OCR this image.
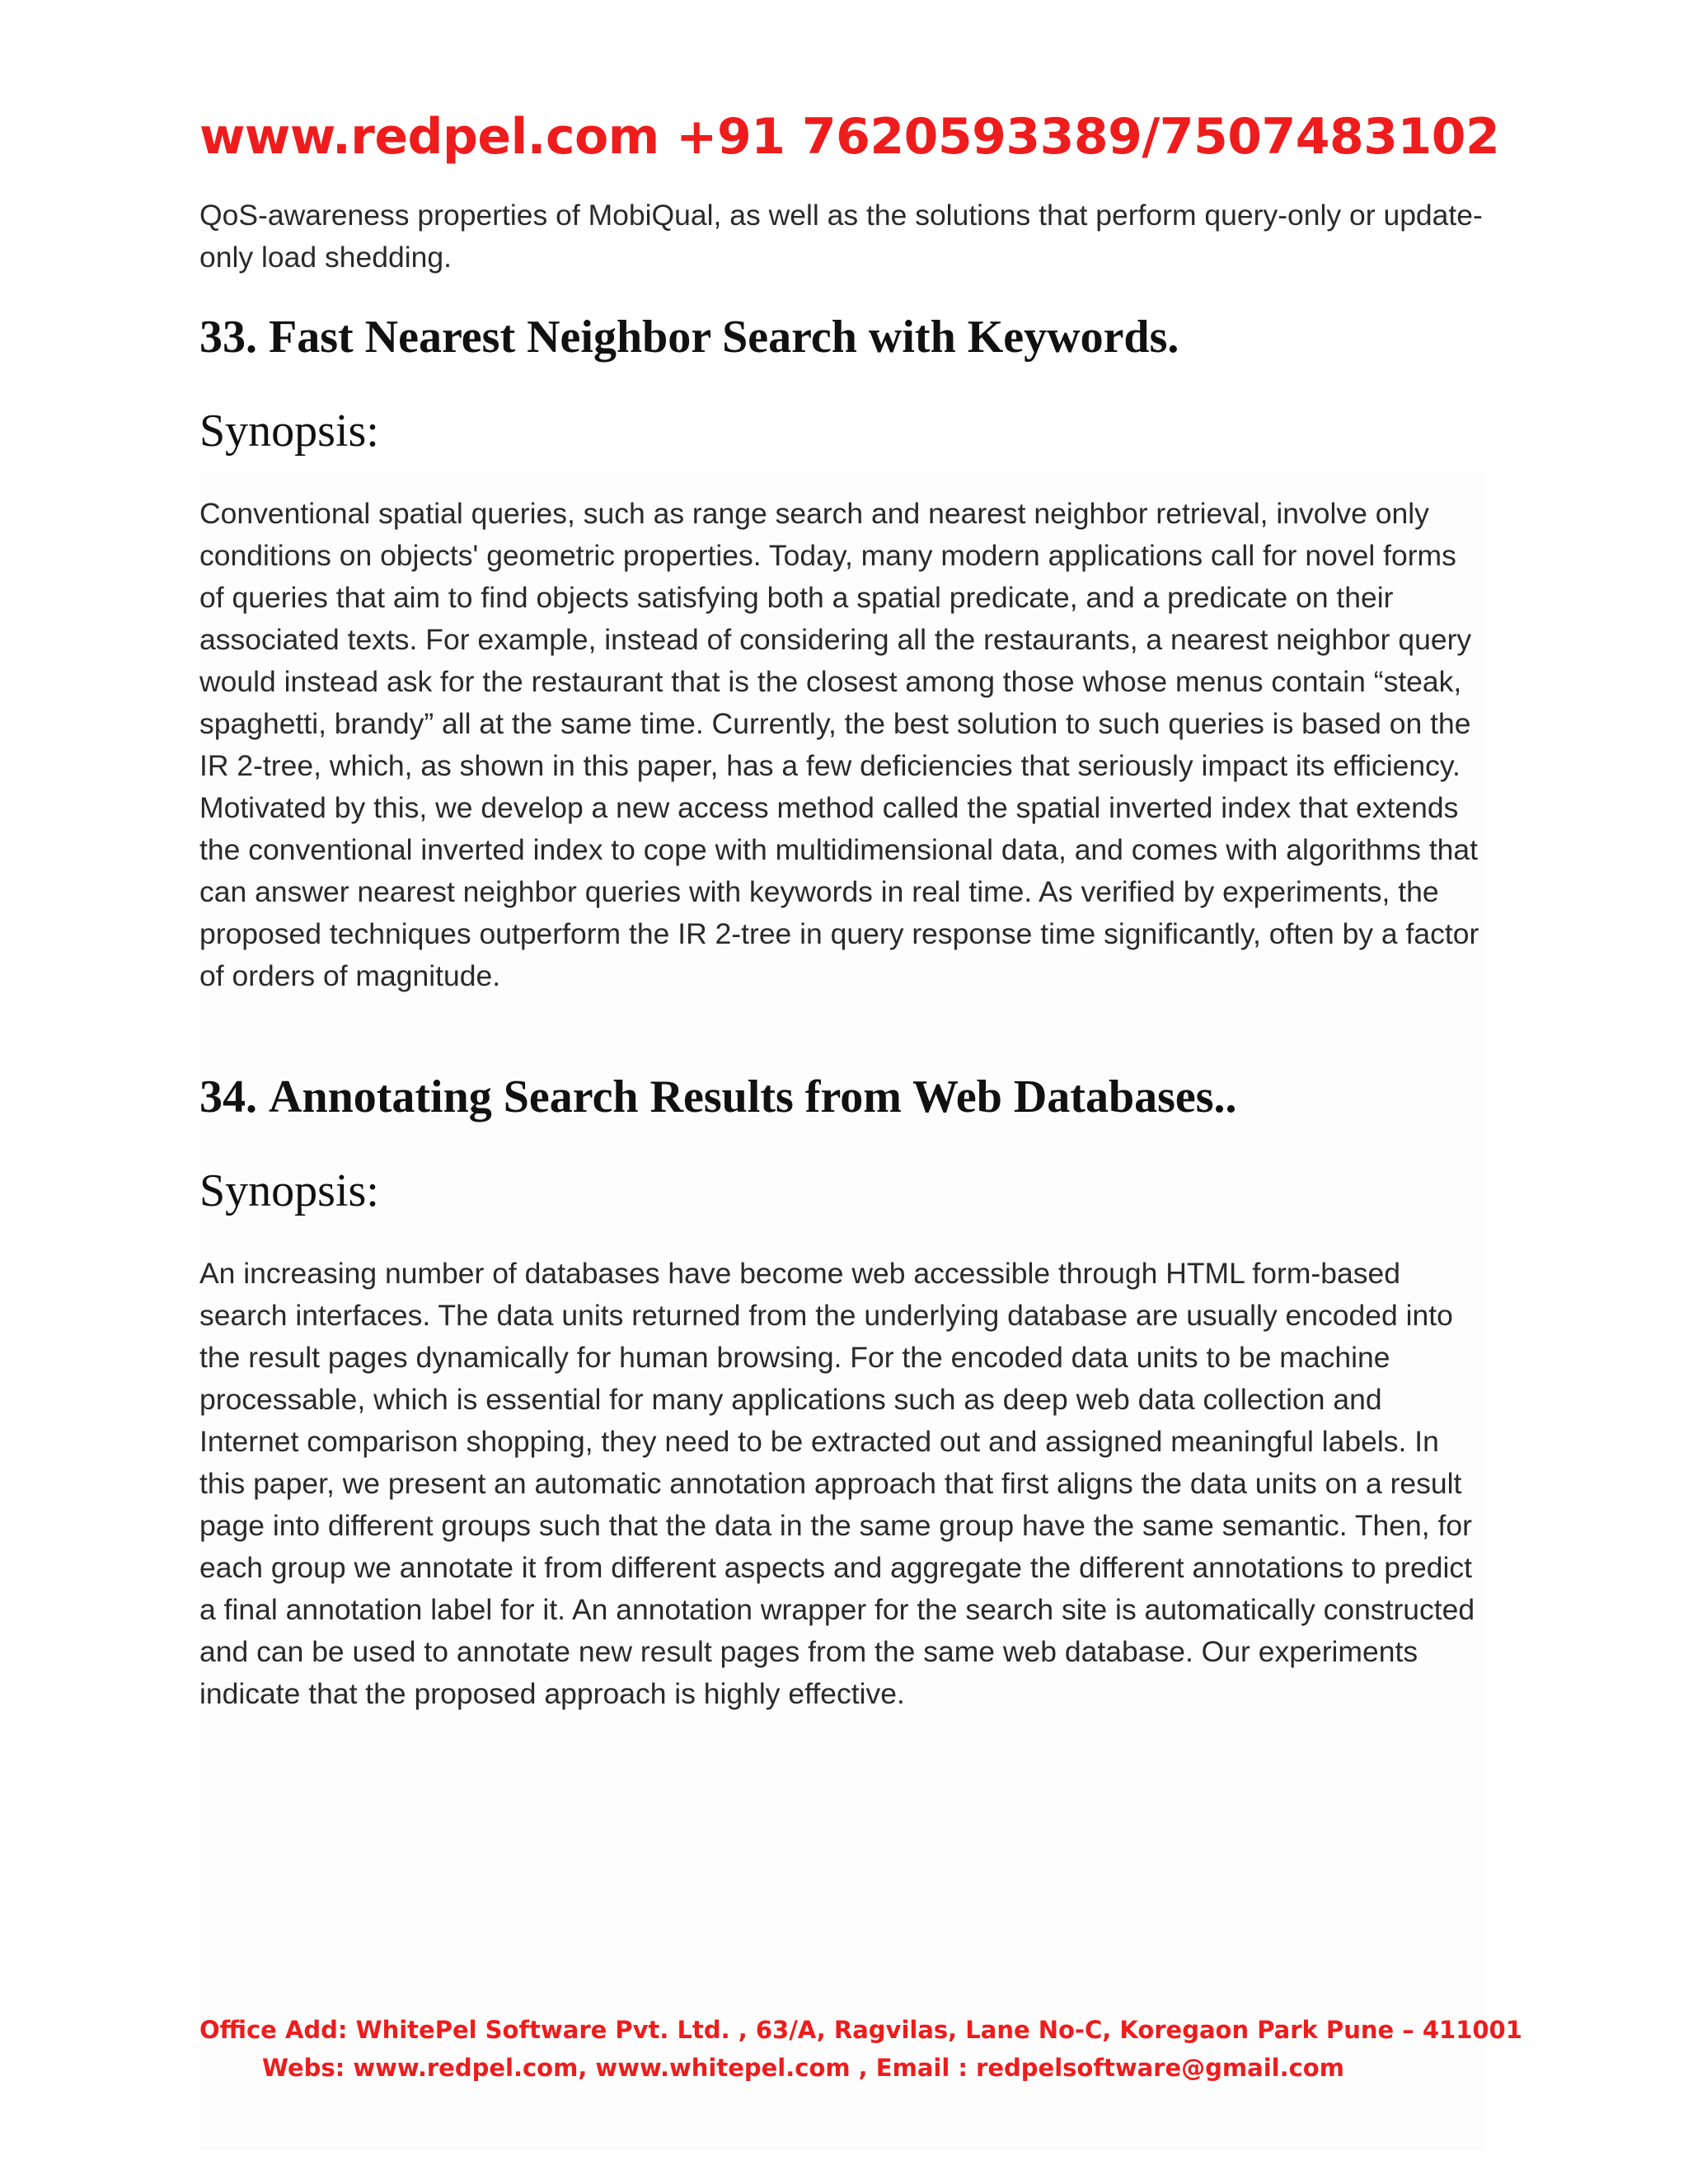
www.redpel.com +91 7620593389/7507483102

QoS-awareness properties of MobiQual, as well as the solutions that perform query-only or update-only load shedding.

33. Fast Nearest Neighbor Search with Keywords.
Synopsis:

Conventional spatial queries, such as range search and nearest neighbor retrieval, involve only conditions on objects' geometric properties. Today, many modern applications call for novel forms of queries that aim to find objects satisfying both a spatial predicate, and a predicate on their associated texts. For example, instead of considering all the restaurants, a nearest neighbor query would instead ask for the restaurant that is the closest among those whose menus contain “steak, spaghetti, brandy” all at the same time. Currently, the best solution to such queries is based on the IR 2-tree, which, as shown in this paper, has a few deficiencies that seriously impact its efficiency. Motivated by this, we develop a new access method called the spatial inverted index that extends the conventional inverted index to cope with multidimensional data, and comes with algorithms that can answer nearest neighbor queries with keywords in real time. As verified by experiments, the proposed techniques outperform the IR 2-tree in query response time significantly, often by a factor of orders of magnitude.

34. Annotating Search Results from Web Databases..
Synopsis:

An increasing number of databases have become web accessible through HTML form-based search interfaces. The data units returned from the underlying database are usually encoded into the result pages dynamically for human browsing. For the encoded data units to be machine processable, which is essential for many applications such as deep web data collection and Internet comparison shopping, they need to be extracted out and assigned meaningful labels. In this paper, we present an automatic annotation approach that first aligns the data units on a result page into different groups such that the data in the same group have the same semantic. Then, for each group we annotate it from different aspects and aggregate the different annotations to predict a final annotation label for it. An annotation wrapper for the search site is automatically constructed and can be used to annotate new result pages from the same web database. Our experiments indicate that the proposed approach is highly effective.

Office Add: WhitePel Software Pvt. Ltd. , 63/A, Ragvilas, Lane No-C, Koregaon Park Pune – 411001
Webs: www.redpel.com, www.whitepel.com , Email : redpelsoftware@gmail.com
